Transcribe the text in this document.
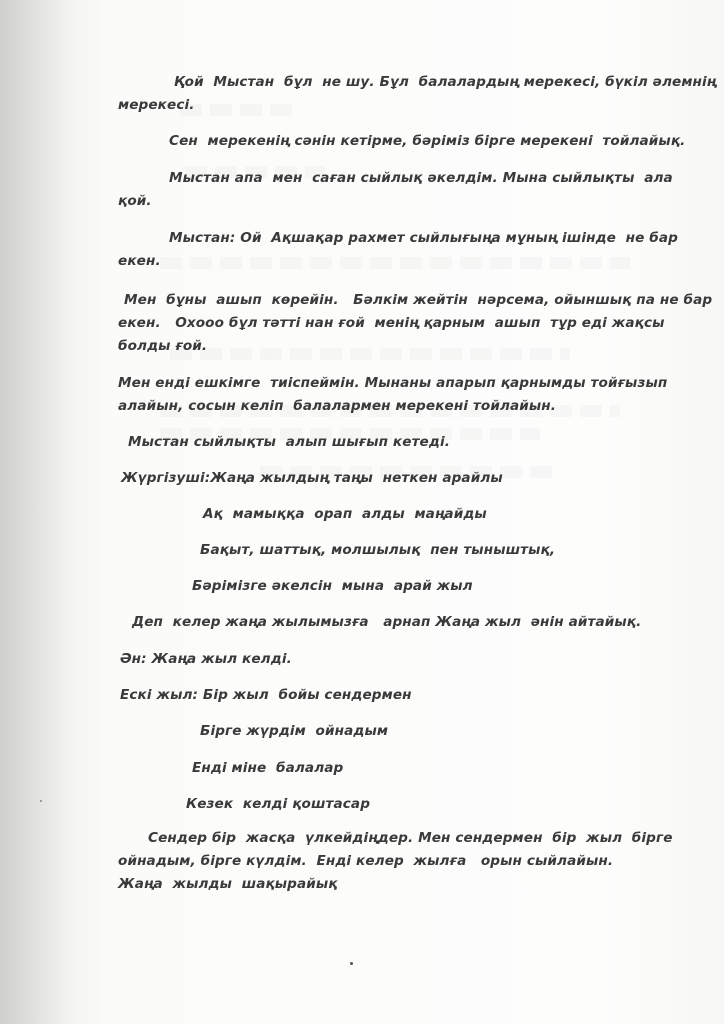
Қой  Мыстан  бұл  не шу. Бұл  балалардың мерекесі, бүкіл әлемнің

мерекесі.

Сен  мерекенің сәнін кетірме, бәріміз бірге мерекені  тойлайық.

Мыстан апа  мен  саған сыйлық әкелдім. Мына сыйлықты  ала

қой.

Мыстан: Ой  Ақшақар рахмет сыйлығыңа мұның ішінде  не бар

екен.

Мен  бұны  ашып  көрейін.   Бәлкім жейтін  нәрсема, ойыншық па не бар

екен.   Охооо бұл тәтті нан ғой  менің қарным  ашып  тұр еді жақсы

болды ғой.

Мен енді ешкімге  тиіспеймін. Мынаны апарып қарнымды тойғызып

алайын, сосын келіп  балалармен мерекені тойлайын.

Мыстан сыйлықты  алып шығып кетеді.

Жүргізуші:Жаңа жылдың таңы  неткен арайлы

Ақ  мамыққа  орап  алды  маңайды

Бақыт, шаттық, молшылық  пен тыныштық,

Бәрімізге әкелсін  мына  арай жыл

Деп  келер жаңа жылымызға   арнап Жаңа жыл  әнін айтайық.

Ән: Жаңа жыл келді.

Ескі жыл: Бір жыл  бойы сендермен

Бірге жүрдім  ойнадым

Енді міне  балалар

Кезек  келді қоштасар

Сендер бір  жасқа  үлкейдіңдер. Мен сендермен  бір  жыл  бірге

ойнадым, бірге күлдім.  Енді келер  жылға   орын сыйлайын.

Жаңа  жылды  шақырайық
